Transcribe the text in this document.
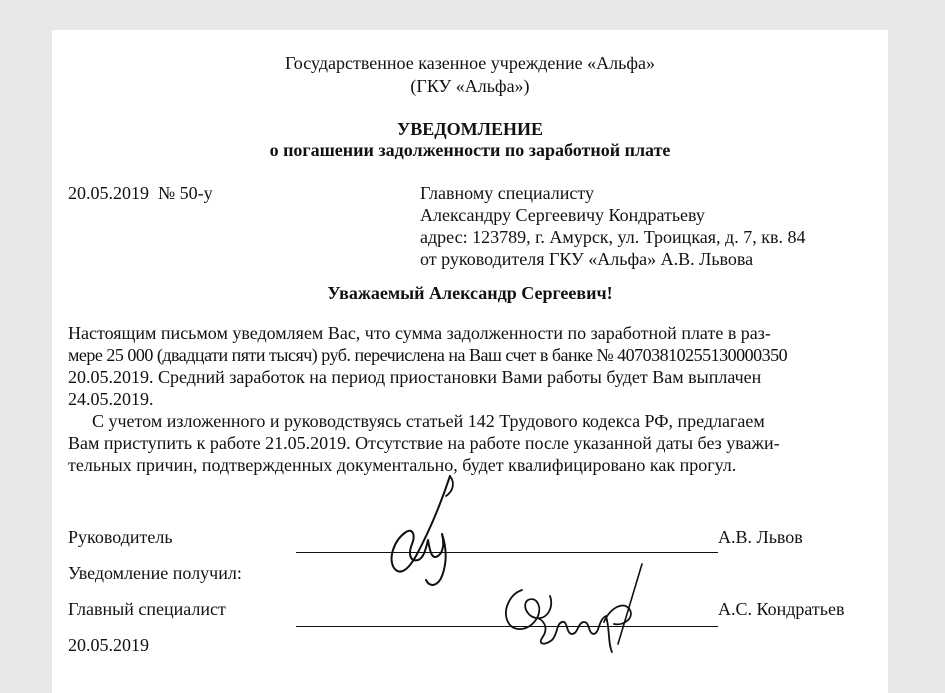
Государственное казенное учреждение «Альфа»
(ГКУ «Альфа»)
УВЕДОМЛЕНИЕ
о погашении задолженности по заработной плате
20.05.2019  № 50-у	Главному специалисту
Александру Сергеевичу Кондратьеву
адрес: 123789, г. Амурск, ул. Троицкая, д. 7, кв. 84
от руководителя ГКУ «Альфа» А.В. Львова
Уважаемый Александр Сергеевич!
Настоящим письмом уведомляем Вас, что сумма задолженности по заработной плате в раз-
мере 25 000 (двадцати пяти тысяч) руб. перечислена на Ваш счет в банке № 40703810255130000350
20.05.2019. Средний заработок на период приостановки Вами работы будет Вам выплачен
24.05.2019.
С учетом изложенного и руководствуясь статьей 142 Трудового кодекса РФ, предлагаем
Вам приступить к работе 21.05.2019. Отсутствие на работе после указанной даты без уважи-
тельных причин, подтвержденных документально, будет квалифицировано как прогул.
Руководитель	А.В. Львов
Уведомление получил:
Главный специалист	А.С. Кондратьев
20.05.2019
